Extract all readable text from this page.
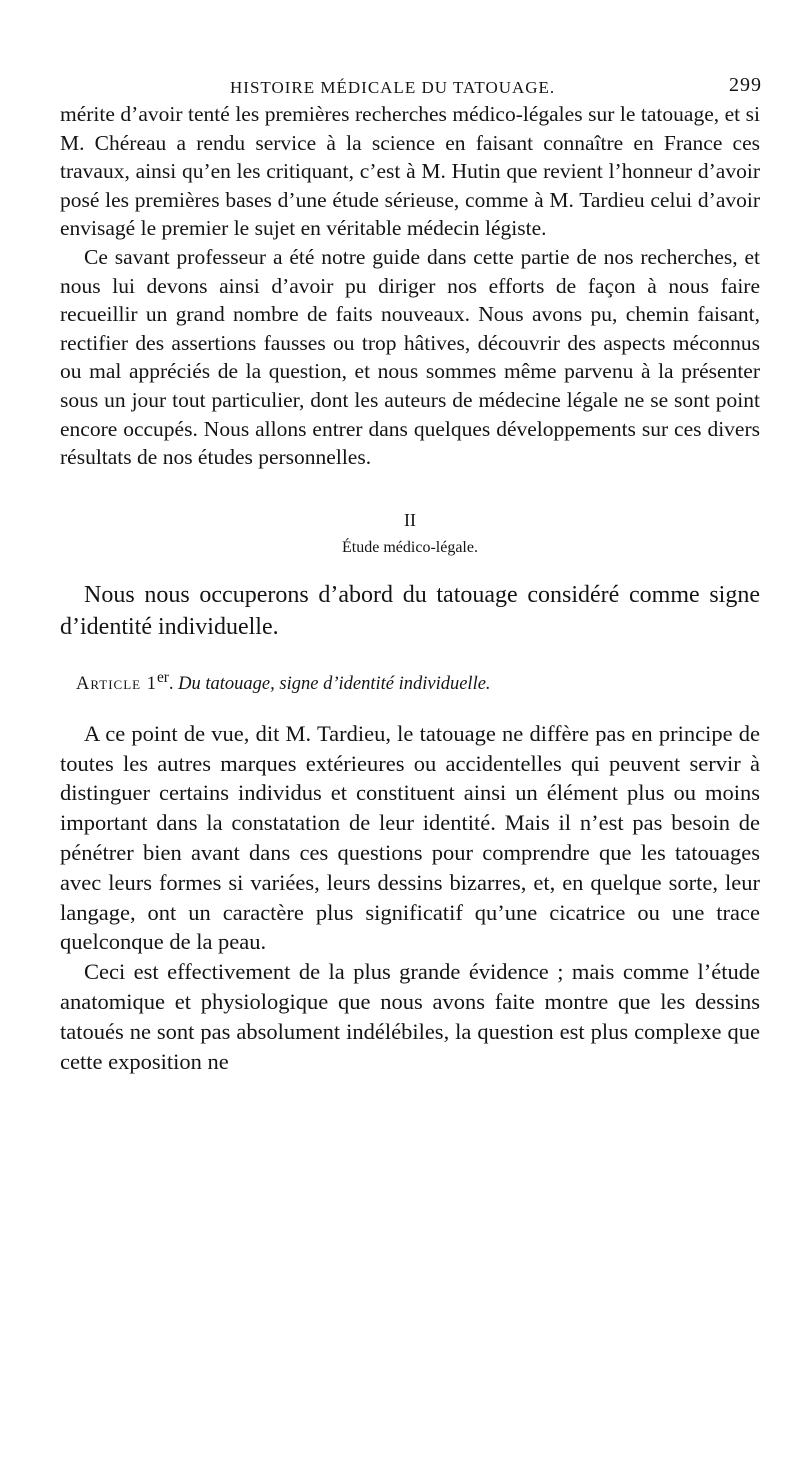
HISTOIRE MÉDICALE DU TATOUAGE.	299

mérite d’avoir tenté les premières recherches médico-légales sur le tatouage, et si M. Chéreau a rendu service à la science en faisant connaître en France ces travaux, ainsi qu’en les critiquant, c’est à M. Hutin que revient l’honneur d’avoir posé les premières bases d’une étude sérieuse, comme à M. Tardieu celui d’avoir envisagé le premier le sujet en véritable médecin légiste.

Ce savant professeur a été notre guide dans cette partie de nos recherches, et nous lui devons ainsi d’avoir pu diriger nos efforts de façon à nous faire recueillir un grand nombre de faits nouveaux. Nous avons pu, chemin faisant, rectifier des assertions fausses ou trop hâtives, découvrir des aspects méconnus ou mal appréciés de la question, et nous sommes même parvenu à la présenter sous un jour tout particulier, dont les auteurs de médecine légale ne se sont point encore occupés. Nous allons entrer dans quelques développements sur ces divers résultats de nos études personnelles.

II
Étude médico-légale.

Nous nous occuperons d’abord du tatouage considéré comme signe d’identité individuelle.

Article 1er. Du tatouage, signe d’identité individuelle.

A ce point de vue, dit M. Tardieu, le tatouage ne diffère pas en principe de toutes les autres marques extérieures ou accidentelles qui peuvent servir à distinguer certains individus et constituent ainsi un élément plus ou moins important dans la constatation de leur identité. Mais il n’est pas besoin de pénétrer bien avant dans ces questions pour comprendre que les tatouages avec leurs formes si variées, leurs dessins bizarres, et, en quelque sorte, leur langage, ont un caractère plus significatif qu’une cicatrice ou une trace quelconque de la peau.

Ceci est effectivement de la plus grande évidence ; mais comme l’étude anatomique et physiologique que nous avons faite montre que les dessins tatoués ne sont pas absolument indélébiles, la question est plus complexe que cette exposition ne
